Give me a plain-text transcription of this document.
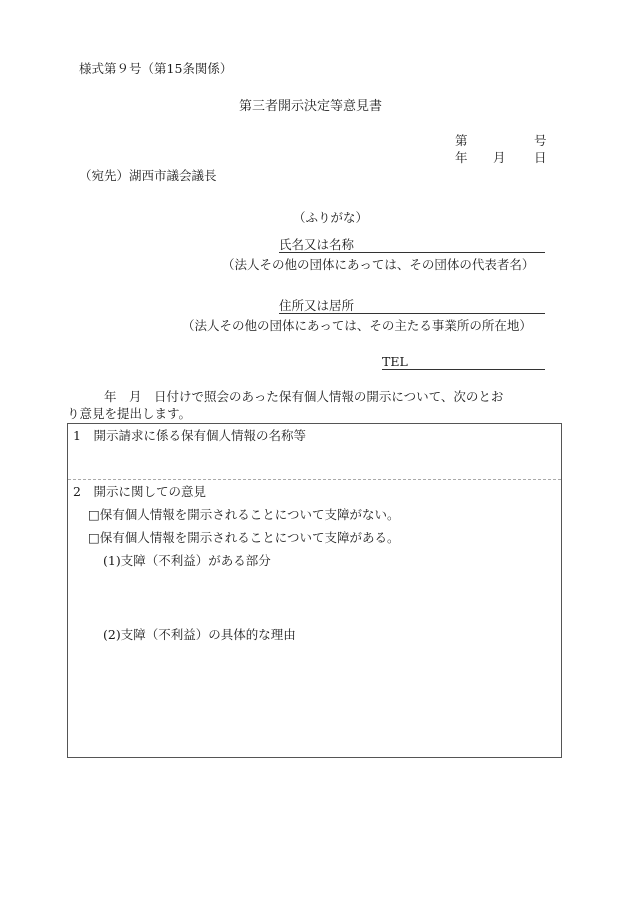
様式第９号（第15条関係）
第三者開示決定等意見書
第	号
年 月 日
（宛先）湖西市議会議長
（ふりがな）
氏名又は名称
（法人その他の団体にあっては、その団体の代表者名）
住所又は居所
（法人その他の団体にあっては、その主たる事業所の所在地）
TEL
　　年　月　日付けで照会のあった保有個人情報の開示について、次のとお
り意見を提出します。
1　開示請求に係る保有個人情報の名称等
2　開示に関しての意見
□保有個人情報を開示されることについて支障がない。
□保有個人情報を開示されることについて支障がある。
(1)支障（不利益）がある部分
(2)支障（不利益）の具体的な理由
